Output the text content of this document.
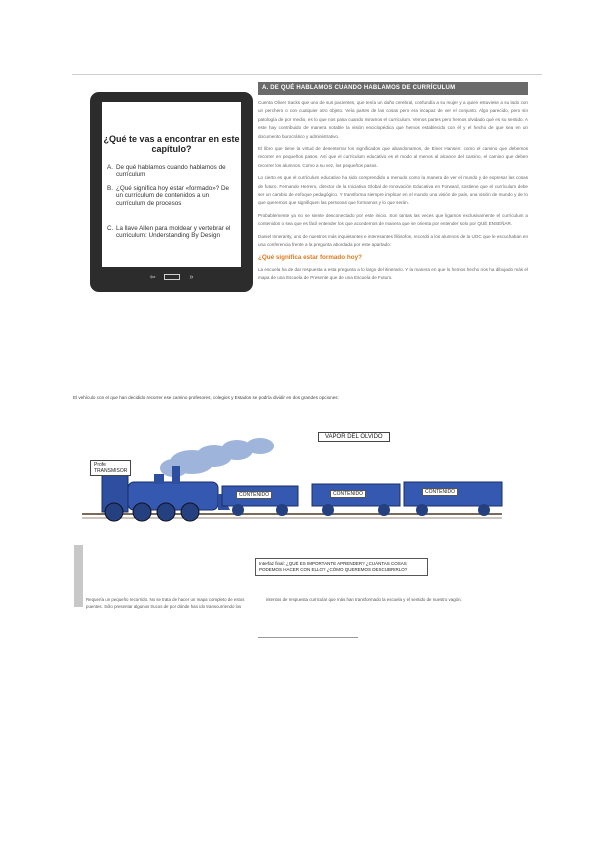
¿Qué te vas a encontrar en este capítulo?
A. De qué hablamos cuando hablamos de currículum
B. ¿Qué significa hoy estar «formado»? De un currículum de contenidos a un currículum de procesos
C. La llave Allen para moldear y vertebrar el curriculum: Understanding By Design
⇦	»
A. DE QUÉ HABLAMOS CUANDO HABLAMOS DE CURRÍCULUM

Cuenta Oliver Sacks que uno de sus pacientes, que tenía un daño cerebral, confundía a su mujer y a quien estuviese a su lado con un perchero o con cualquier otro objeto. Veía partes de las cosas pero era incapaz de ver el conjunto. Algo parecido, pero sin patología de por medio, es lo que nos pasa cuando miramos el currículum. Vemos partes pero hemos olvidado qué es su sentido. A este hay contribuido de manera notable la visión enciclopédica que hemos establecido con él y el hecho de que sea en un documento burocrático y administrativo.

El libro que tiene la virtud de desenterrar los significados que abandonamos, de Einer Hansen: como el camino que debemos recorrer en pequeños pasos. Así que el currículum educativo es el modo al menos al alcance del camino, el camino que deben recorrer los alumnos. Como a su vez, los pequeños pasos.

Lo cierto es que el currículum educativo ha sido comprendido a menudo como la manera de ver el mundo y de expresar las cosas de futuro. Fernando Herrero, director de la Iniciativa Global de Innovación Educativa en Forward, sostiene que el currículum debe ser un cambio de enfoque pedagógico. Y transforma siempre implicar en el mundo una visión de país, una visión de mundo y de lo que queremos que signifiquen las personas que formamos y lo que serán.

Probablemente ya no se siente desconectado por este inicio. Son tantas las veces que ligamos exclusivamente el currículum a contenidos o sea que es fácil entender los que accedemos de manera que se orienta por entender solo por QUÉ ENSEÑAR.

Daniel Innerarity, uno de nuestros más inquietantes e interesantes filósofos, recordó a los alumnos de la UOC que le escuchaban en una conferencia frente a la pregunta abordada por este apartado:

¿Qué significa estar formado hoy?

La escuela ha de dar respuesta a esta pregunta a lo largo del itinerario. Y la manera en que lo hemos hecho nos ha dibujado más el mapa de una Escuela de Presente que de una Escuela de Futuro.

El vehículo con el que han decidido recorrer ese camino profesores, colegios y Estados se podría dividir en dos grandes opciones:
VAPOR DEL OLVIDO
Profe
TRANSMISOR
CONTENIDO	CONTENIDO	CONTENIDO
Interfaz final: ¿QUÉ ES IMPORTANTE APRENDER? ¿CUÁNTAS COSAS PODEMOS HACER CON ELLO? ¿CÓMO QUEREMOS DESCUBRIRLO?
Requería un pequeño recorrido. No se trata de hacer un mapa completo de estos puentes. Sólo presentar algunos trucos de por dónde han ido transcurriendo los
intentos de respuesta curricular que más han transformado la escuela y el sentido de nuestro vagón.
